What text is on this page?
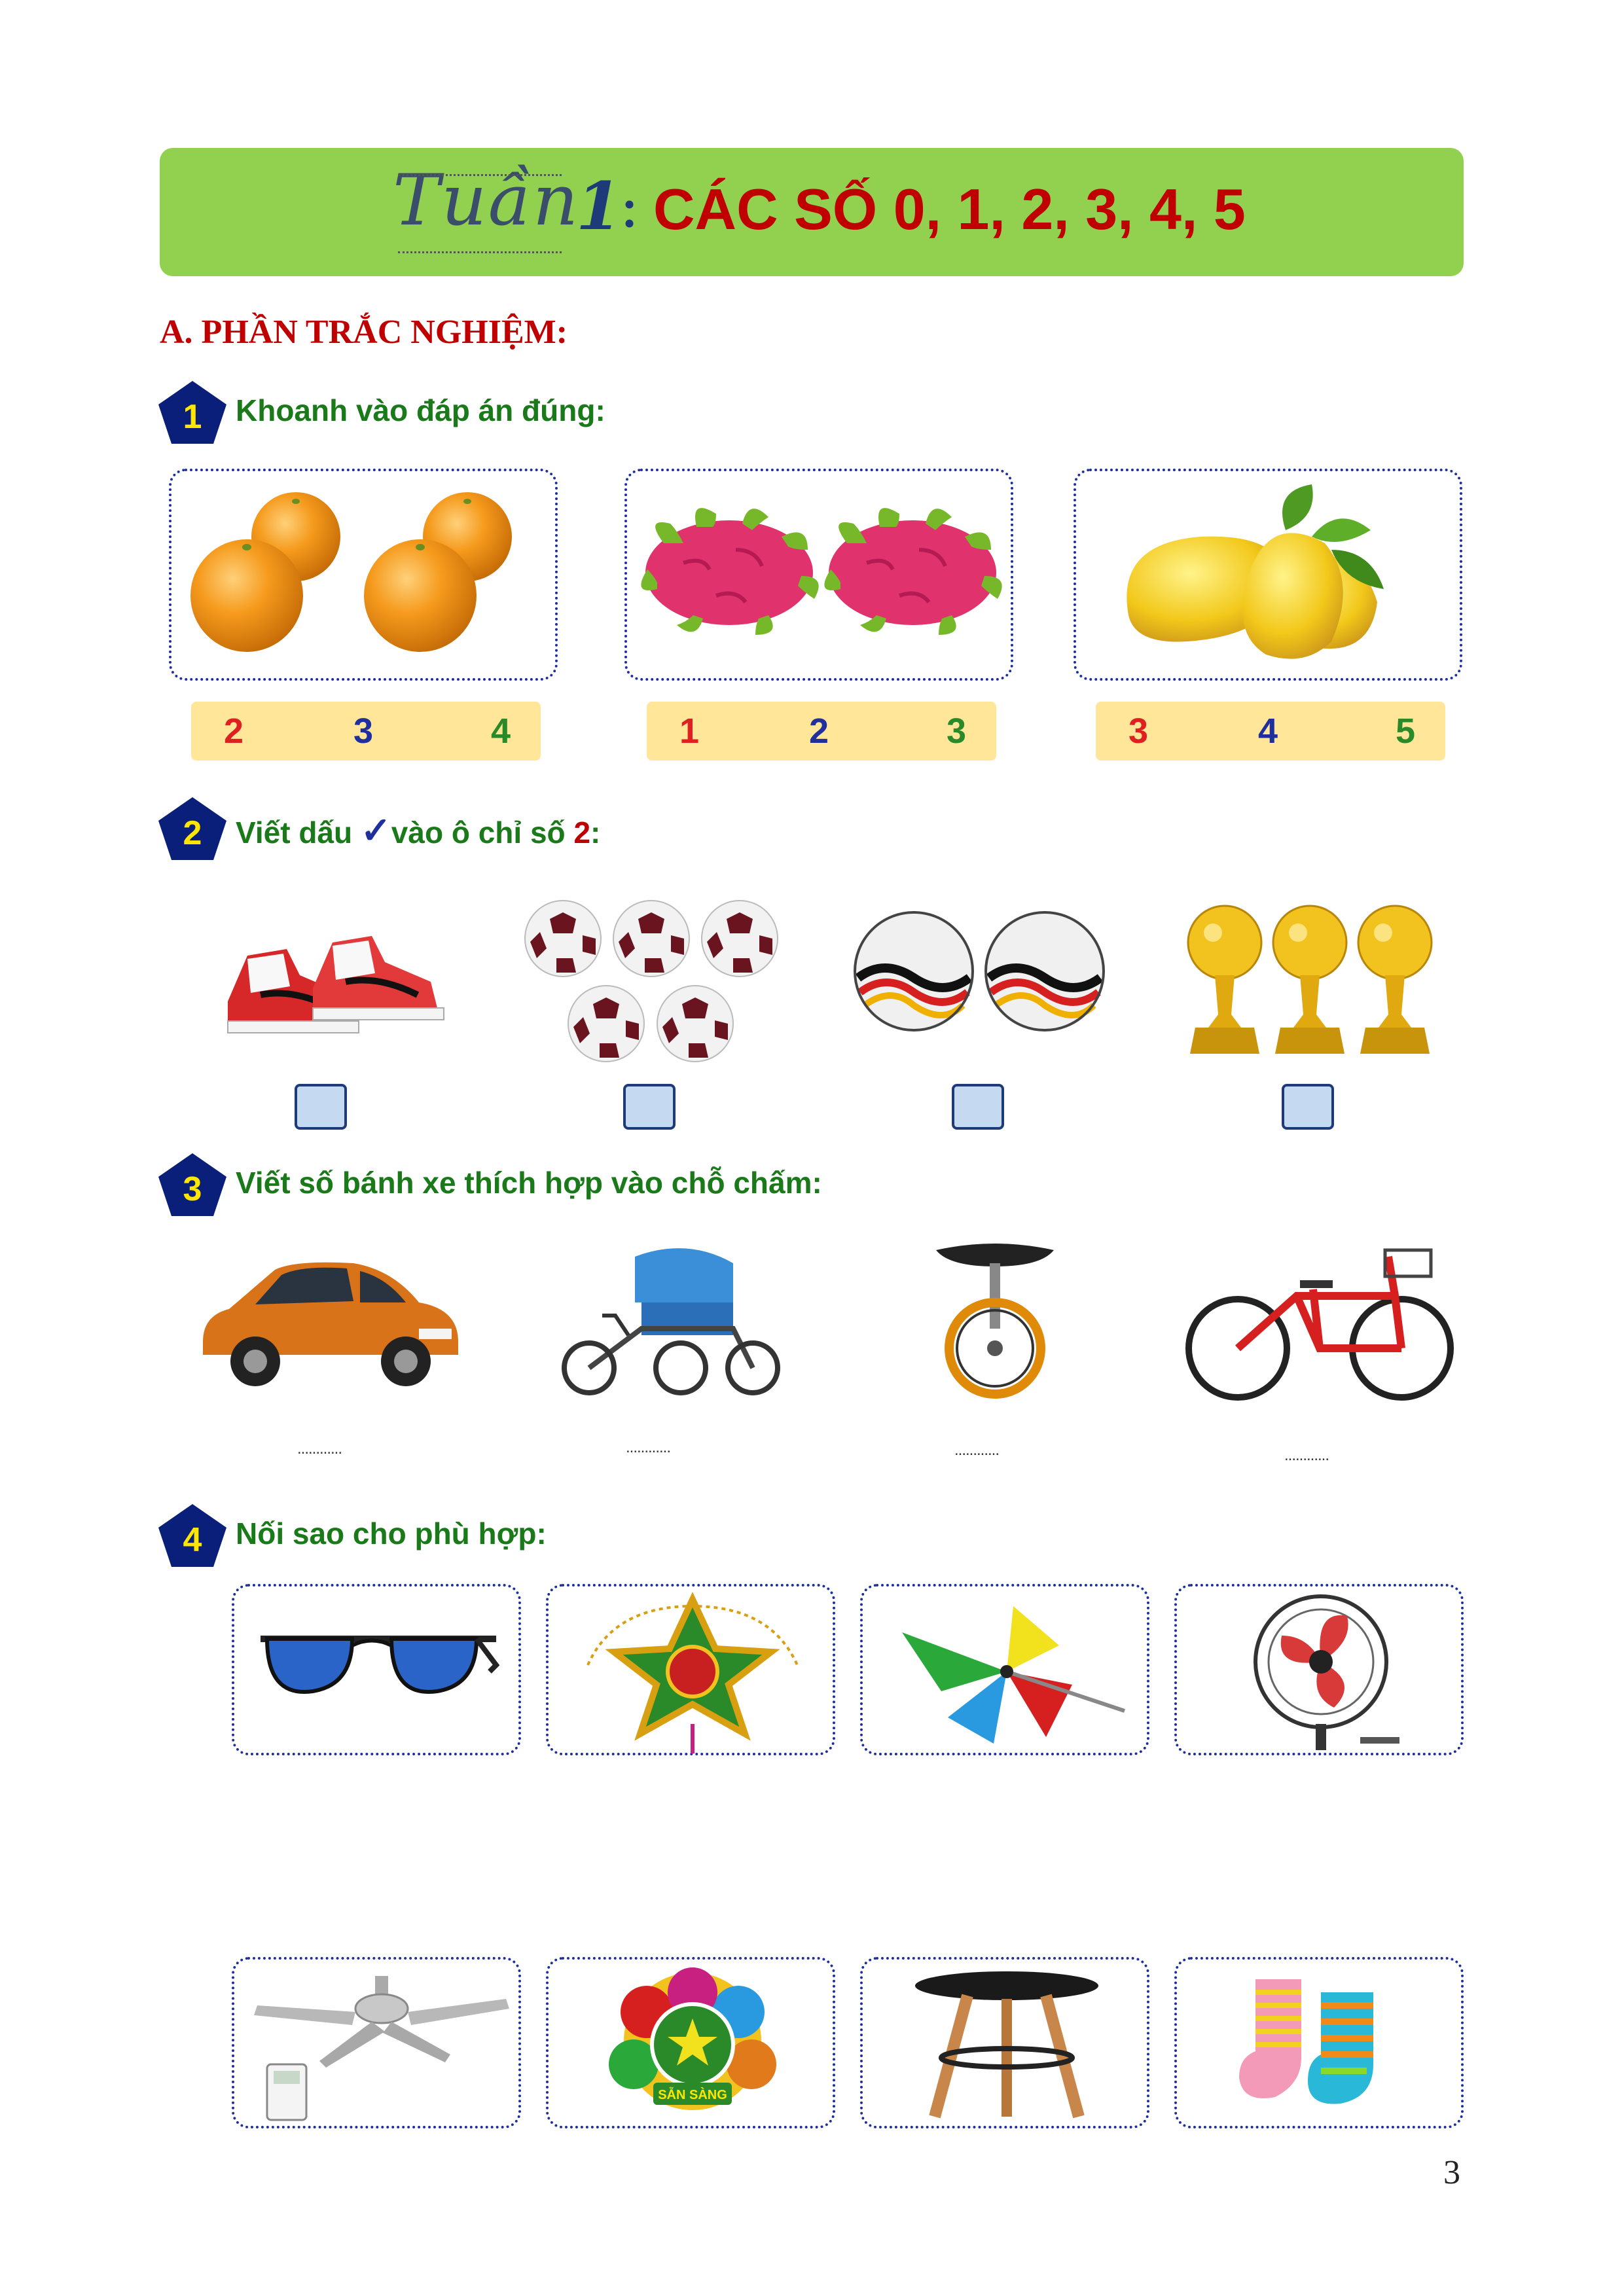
Tuần
1
: CÁC SỐ 0, 1, 2, 3, 4, 5
A. PHẦN TRẮC NGHIỆM:
1 Khoanh vào đáp án đúng:
2	3	4	1	2	3	3	4	5
2 Viết dấu ✓vào ô chỉ số 2:
3 Viết số bánh xe thích hợp vào chỗ chấm:
............	............	............	............
4 Nối sao cho phù hợp:
SẴN SÀNG
3
